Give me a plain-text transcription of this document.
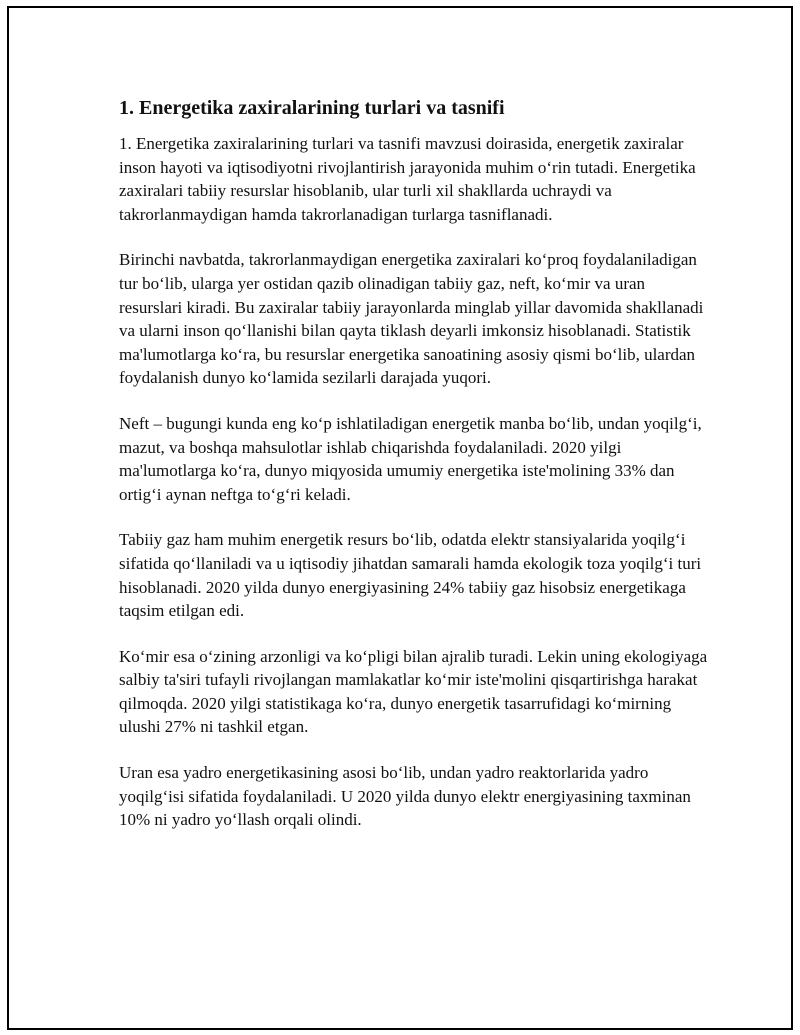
1. Energetika zaxiralarining turlari va tasnifi

1. Energetika zaxiralarining turlari va tasnifi mavzusi doirasida, energetik zaxiralar inson hayoti va iqtisodiyotni rivojlantirish jarayonida muhim o‘rin tutadi. Energetika zaxiralari tabiiy resurslar hisoblanib, ular turli xil shakllarda uchraydi va takrorlanmaydigan hamda takrorlanadigan turlarga tasniflanadi.

Birinchi navbatda, takrorlanmaydigan energetika zaxiralari ko‘proq foydalaniladigan tur bo‘lib, ularga yer ostidan qazib olinadigan tabiiy gaz, neft, ko‘mir va uran resurslari kiradi. Bu zaxiralar tabiiy jarayonlarda minglab yillar davomida shakllanadi va ularni inson qo‘llanishi bilan qayta tiklash deyarli imkonsiz hisoblanadi. Statistik ma'lumotlarga ko‘ra, bu resurslar energetika sanoatining asosiy qismi bo‘lib, ulardan foydalanish dunyo ko‘lamida sezilarli darajada yuqori.

Neft – bugungi kunda eng ko‘p ishlatiladigan energetik manba bo‘lib, undan yoqilg‘i, mazut, va boshqa mahsulotlar ishlab chiqarishda foydalaniladi. 2020 yilgi ma'lumotlarga ko‘ra, dunyo miqyosida umumiy energetika iste'molining 33% dan ortig‘i aynan neftga to‘g‘ri keladi.

Tabiiy gaz ham muhim energetik resurs bo‘lib, odatda elektr stansiyalarida yoqilg‘i sifatida qo‘llaniladi va u iqtisodiy jihatdan samarali hamda ekologik toza yoqilg‘i turi hisoblanadi. 2020 yilda dunyo energiyasining 24% tabiiy gaz hisobsiz energetikaga taqsim etilgan edi.

Ko‘mir esa o‘zining arzonligi va ko‘pligi bilan ajralib turadi. Lekin uning ekologiyaga salbiy ta'siri tufayli rivojlangan mamlakatlar ko‘mir iste'molini qisqartirishga harakat qilmoqda. 2020 yilgi statistikaga ko‘ra, dunyo energetik tasarrufidagi ko‘mirning ulushi 27% ni tashkil etgan.

Uran esa yadro energetikasining asosi bo‘lib, undan yadro reaktorlarida yadro yoqilg‘isi sifatida foydalaniladi. U 2020 yilda dunyo elektr energiyasining taxminan 10% ni yadro yo‘llash orqali olindi.
